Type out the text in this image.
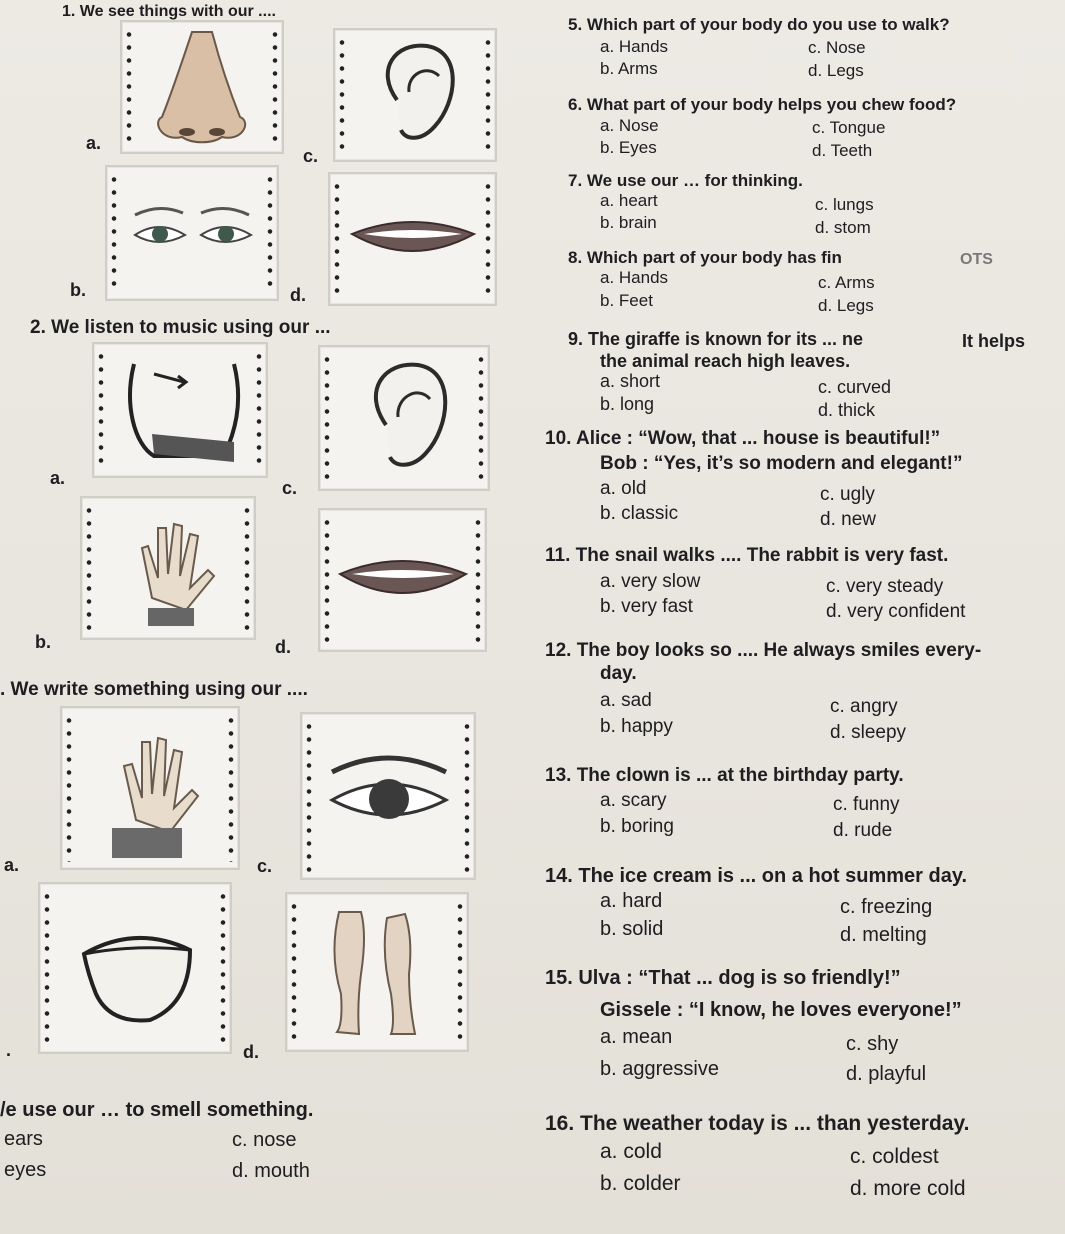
1. We see things with our ....
a.
b.
c.
d.
2. We listen to music using our ...
a.
b.
c.
d.
. We write something using our ....
a.	c.
.	d.
/e use our … to smell something.
ears	c. nose
eyes	d. mouth
5. Which part of your body do you use to walk?
a. Hands	c. Nose
b. Arms	d. Legs
6. What part of your body helps you chew food?
a. Nose	c. Tongue
b. Eyes	d. Teeth
7. We use our … for thinking.
a. heart	c. lungs
b. brain	d. stom
8. Which part of your body has fin	OTS
a. Hands	c. Arms
b. Feet	d. Legs
9. The giraffe is known for its ... ne	It helps
the animal reach high leaves.
a. short	c. curved
b. long	d. thick
10. Alice : “Wow, that ... house is beautiful!”
Bob : “Yes, it’s so modern and elegant!”
a. old	c. ugly
b. classic	d. new
11. The snail walks .... The rabbit is very fast.
a. very slow	c. very steady
b. very fast	d. very confident
12. The boy looks so .... He always smiles every-
day.
a. sad	c. angry
b. happy	d. sleepy
13. The clown is ... at the birthday party.
a. scary	c. funny
b. boring	d. rude
14. The ice cream is ... on a hot summer day.
a. hard	c. freezing
b. solid	d. melting
15. Ulva : “That ... dog is so friendly!”
Gissele : “I know, he loves everyone!”
a. mean	c. shy
b. aggressive	d. playful
16. The weather today is ... than yesterday.
a. cold	c. coldest
b. colder	d. more cold
